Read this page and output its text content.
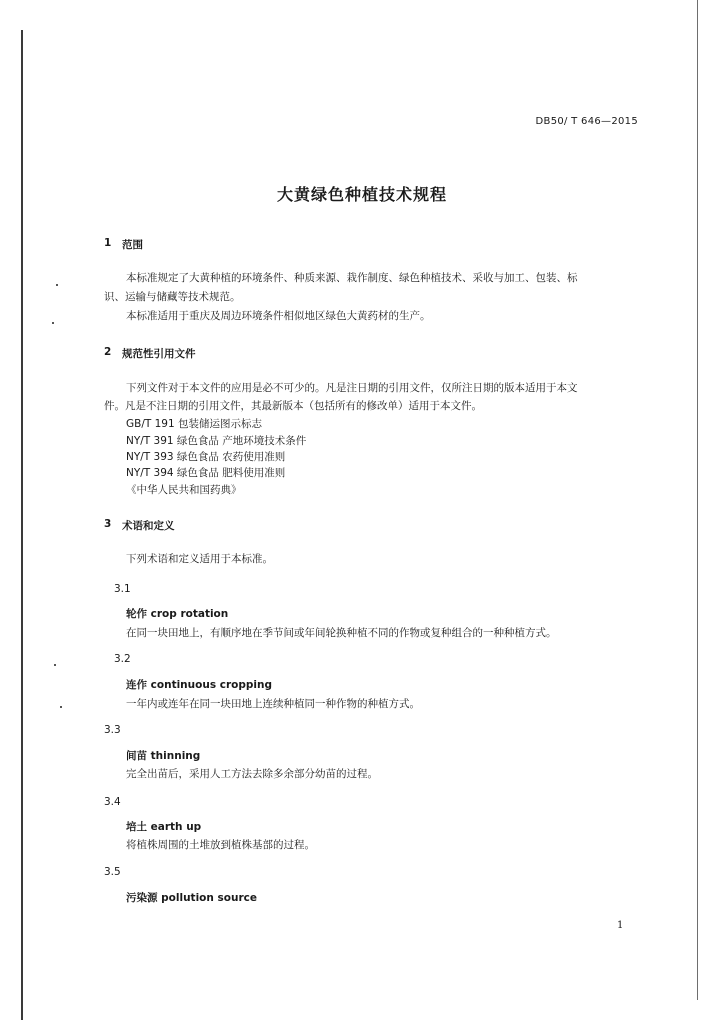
DB50/ T 646—2015
大黄绿色种植技术规程
1 范围
本标准规定了大黄种植的环境条件、种质来源、栽作制度、绿色种植技术、采收与加工、包装、标
识、运输与储藏等技术规范。
本标准适用于重庆及周边环境条件相似地区绿色大黄药材的生产。
2 规范性引用文件
下列文件对于本文件的应用是必不可少的。凡是注日期的引用文件，仅所注日期的版本适用于本文
件。凡是不注日期的引用文件，其最新版本（包括所有的修改单）适用于本文件。
GB/T 191 包装储运图示标志
NY/T 391 绿色食品 产地环境技术条件
NY/T 393 绿色食品 农药使用准则
NY/T 394 绿色食品 肥料使用准则
《中华人民共和国药典》
3 术语和定义
下列术语和定义适用于本标准。
3.1
轮作 crop rotation
在同一块田地上，有顺序地在季节间或年间轮换种植不同的作物或复种组合的一种种植方式。
3.2
连作 continuous cropping
一年内或连年在同一块田地上连续种植同一种作物的种植方式。
3.3
间苗 thinning
完全出苗后，采用人工方法去除多余部分幼苗的过程。
3.4
培土 earth up
将植株周围的土堆放到植株基部的过程。
3.5
污染源 pollution source
1
